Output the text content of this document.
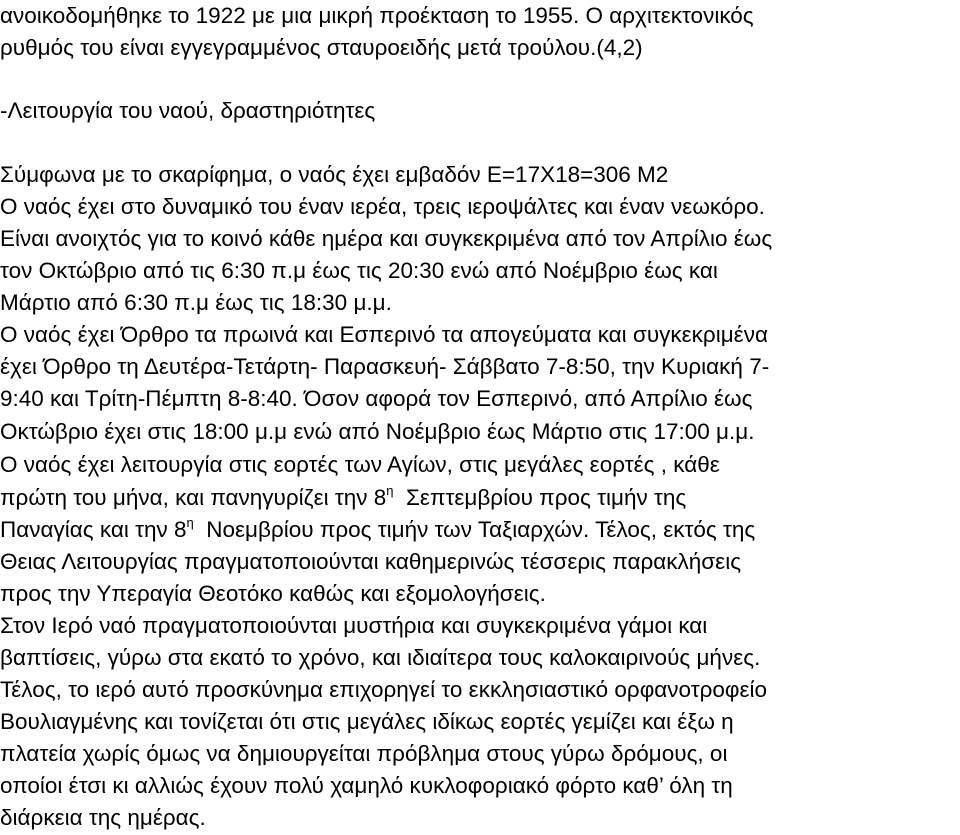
ανοικοδομήθηκε το 1922 με μια μικρή προέκταση το 1955. Ο αρχιτεκτονικός
ρυθμός του είναι εγγεγραμμένος σταυροειδής μετά τρούλου.(4,2)
-Λειτουργία του ναού, δραστηριότητες
Σύμφωνα με το σκαρίφημα, ο ναός έχει εμβαδόν Ε=17Χ18=306 Μ2
Ο ναός έχει στο δυναμικό του έναν ιερέα, τρεις ιεροψάλτες και έναν νεωκόρο.
Είναι ανοιχτός για το κοινό κάθε ημέρα και συγκεκριμένα από τον Απρίλιο έως
τον Οκτώβριο από τις 6:30 π.μ έως τις 20:30 ενώ από Νοέμβριο έως και
Μάρτιο από 6:30 π.μ έως τις 18:30 μ.μ.
Ο ναός έχει Όρθρο τα πρωινά και Εσπερινό τα απογεύματα και συγκεκριμένα
έχει Όρθρο τη Δευτέρα-Τετάρτη- Παρασκευή- Σάββατο 7-8:50, την Κυριακή 7-
9:40 και Τρίτη-Πέμπτη 8-8:40. Όσον αφορά τον Εσπερινό, από Απρίλιο έως
Οκτώβριο έχει στις 18:00 μ.μ ενώ από Νοέμβριο έως Μάρτιο στις 17:00 μ.μ.
Ο ναός έχει λειτουργία στις εορτές των Αγίων, στις μεγάλες εορτές , κάθε
πρώτη του μήνα, και πανηγυρίζει την $8^\eta$  Σεπτεμβρίου προς τιμήν της
Παναγίας και την $8^\eta$  Νοεμβρίου προς τιμήν των Ταξιαρχών. Τέλος, εκτός της
Θειας Λειτουργίας πραγματοποιούνται καθημερινώς τέσσερις παρακλήσεις
προς την Υπεραγία Θεοτόκο καθώς και εξομολογήσεις.
Στον Ιερό ναό πραγματοποιούνται μυστήρια και συγκεκριμένα γάμοι και
βαπτίσεις, γύρω στα εκατό το χρόνο, και ιδιαίτερα τους καλοκαιρινούς μήνες.
Τέλος, το ιερό αυτό προσκύνημα επιχορηγεί το εκκλησιαστικό ορφανοτροφείο
Βουλιαγμένης και τονίζεται ότι στις μεγάλες ιδίκως εορτές γεμίζει και έξω η
πλατεία χωρίς όμως να δημιουργείται πρόβλημα στους γύρω δρόμους, οι
οποίοι έτσι κι αλλιώς έχουν πολύ χαμηλό κυκλοφοριακό φόρτο καθ’ όλη τη
διάρκεια της ημέρας.
